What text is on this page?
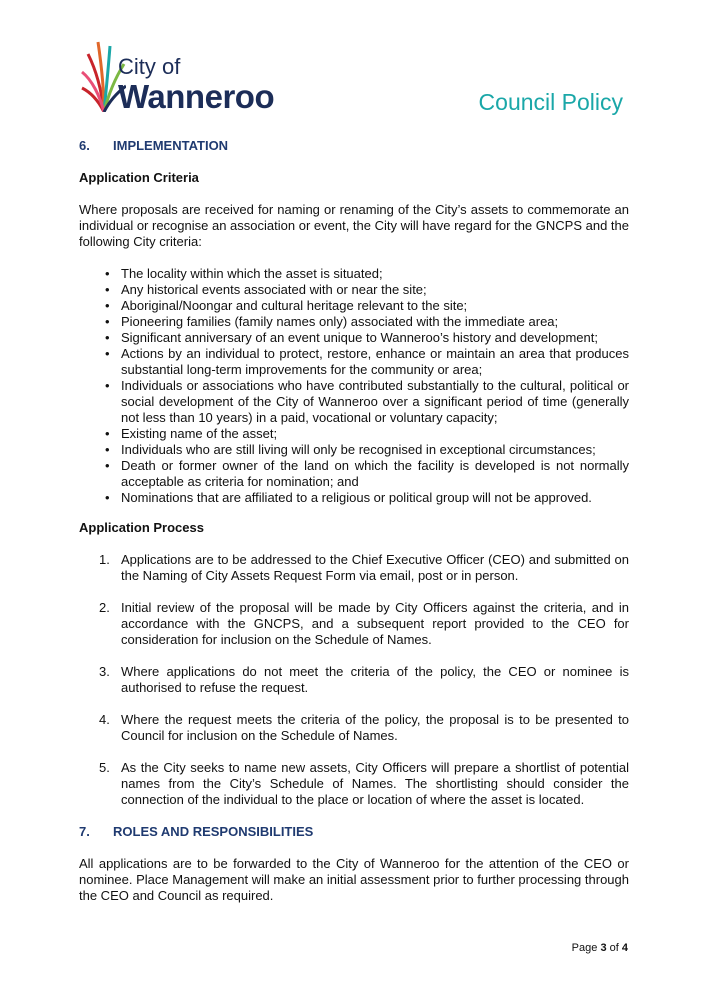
City of
Wanneroo	Council Policy
6.	IMPLEMENTATION
Application Criteria

Where proposals are received for naming or renaming of the City’s assets to commemorate an individual or recognise an association or event, the City will have regard for the GNCPS and the following City criteria:

• The locality within which the asset is situated;
• Any historical events associated with or near the site;
• Aboriginal/Noongar and cultural heritage relevant to the site;
• Pioneering families (family names only) associated with the immediate area;
• Significant anniversary of an event unique to Wanneroo’s history and development;
• Actions by an individual to protect, restore, enhance or maintain an area that produces substantial long-term improvements for the community or area;
• Individuals or associations who have contributed substantially to the cultural, political or social development of the City of Wanneroo over a significant period of time (generally not less than 10 years) in a paid, vocational or voluntary capacity;
• Existing name of the asset;
• Individuals who are still living will only be recognised in exceptional circumstances;
• Death or former owner of the land on which the facility is developed is not normally acceptable as criteria for nomination; and
• Nominations that are affiliated to a religious or political group will not be approved.
Application Process
1. Applications are to be addressed to the Chief Executive Officer (CEO) and submitted on the Naming of City Assets Request Form via email, post or in person.
2. Initial review of the proposal will be made by City Officers against the criteria, and in accordance with the GNCPS, and a subsequent report provided to the CEO for consideration for inclusion on the Schedule of Names.
3. Where applications do not meet the criteria of the policy, the CEO or nominee is authorised to refuse the request.
4. Where the request meets the criteria of the policy, the proposal is to be presented to Council for inclusion on the Schedule of Names.
5. As the City seeks to name new assets, City Officers will prepare a shortlist of potential names from the City’s Schedule of Names. The shortlisting should consider the connection of the individual to the place or location of where the asset is located.
7.	ROLES AND RESPONSIBILITIES

All applications are to be forwarded to the City of Wanneroo for the attention of the CEO or nominee. Place Management will make an initial assessment prior to further processing through the CEO and Council as required.

Page 3 of 4
